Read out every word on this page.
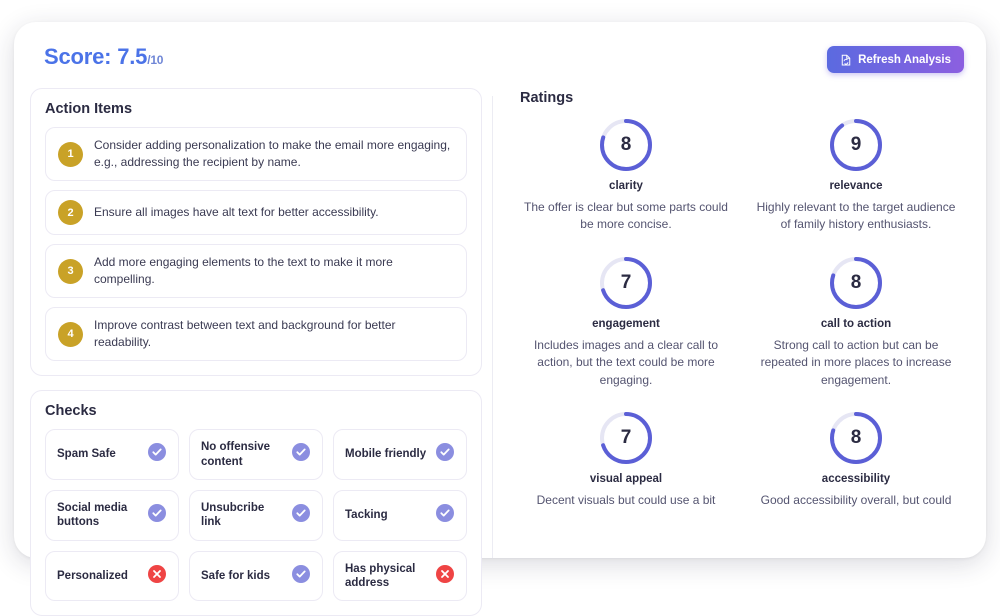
Score: 7.5/10	Refresh Analysis
Action Items
1
Consider adding personalization to make the email more engaging, e.g., addressing the recipient by name.
2	Ensure all images have alt text for better accessibility.
3
Add more engaging elements to the text to make it more compelling.
4
Improve contrast between text and background for better readability.
Checks
Spam Safe
No offensive content
Mobile friendly
Social media buttons
Unsubcribe link
Tacking
Personalized	Safe for kids
Has physical address
Ratings
8
clarity
The offer is clear but some parts could be more concise.
9
relevance
Highly relevant to the target audience of family history enthusiasts.
7
engagement
Includes images and a clear call to action, but the text could be more engaging.
8
call to action
Strong call to action but can be repeated in more places to increase engagement.
7
visual appeal
Decent visuals but could use a bit
8
accessibility
Good accessibility overall, but could
